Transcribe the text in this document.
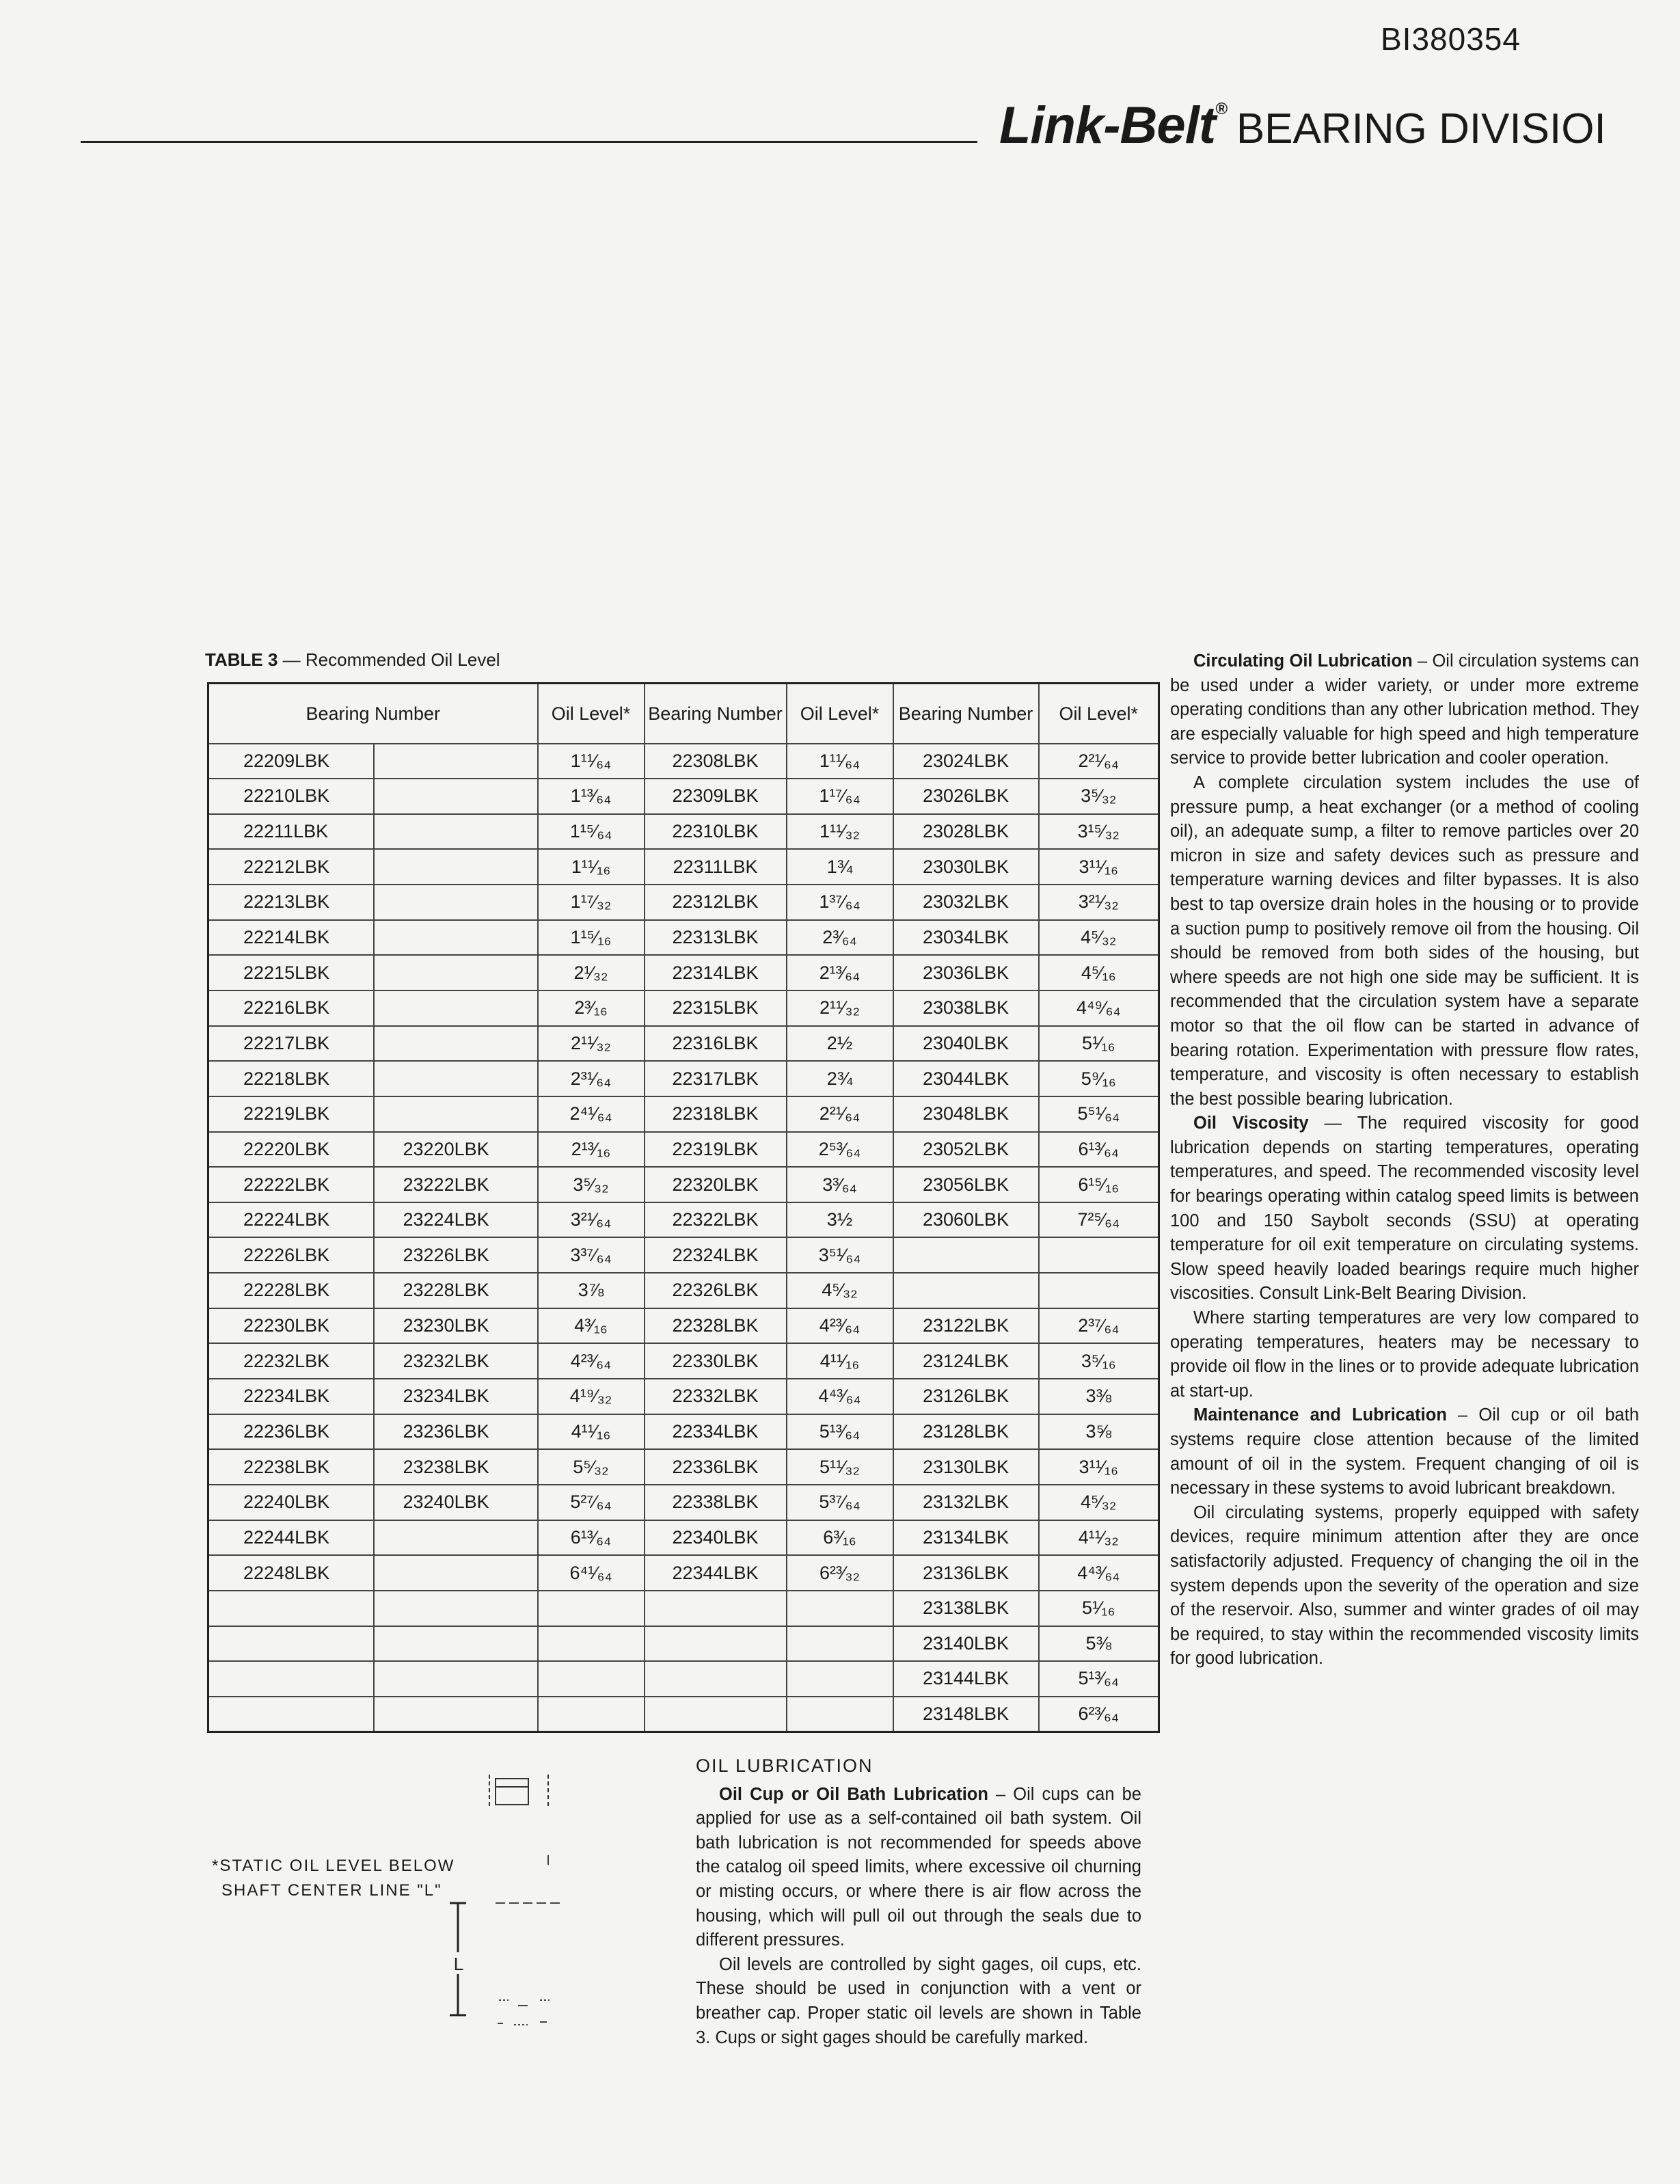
BI380354
Link-Belt® BEARING DIVISIOI
TABLE 3 — Recommended Oil Level
Bearing Number		Oil Level*	Bearing Number	Oil Level*	Bearing Number	Oil Level*
22209LBK		1¹¹⁄₆₄	22308LBK	1¹¹⁄₆₄	23024LBK	2²¹⁄₆₄
22210LBK		1¹³⁄₆₄	22309LBK	1¹⁷⁄₆₄	23026LBK	3⁵⁄₃₂
22211LBK		1¹⁵⁄₆₄	22310LBK	1¹¹⁄₃₂	23028LBK	3¹⁵⁄₃₂
22212LBK		1¹¹⁄₁₆	22311LBK	1¾	23030LBK	3¹¹⁄₁₆
22213LBK		1¹⁷⁄₃₂	22312LBK	1³⁷⁄₆₄	23032LBK	3²¹⁄₃₂
22214LBK		1¹⁵⁄₁₆	22313LBK	2³⁄₆₄	23034LBK	4⁵⁄₃₂
22215LBK		2¹⁄₃₂	22314LBK	2¹³⁄₆₄	23036LBK	4⁵⁄₁₆
22216LBK		2³⁄₁₆	22315LBK	2¹¹⁄₃₂	23038LBK	4⁴⁹⁄₆₄
22217LBK		2¹¹⁄₃₂	22316LBK	2½	23040LBK	5¹⁄₁₆
22218LBK		2³¹⁄₆₄	22317LBK	2¾	23044LBK	5⁹⁄₁₆
22219LBK		2⁴¹⁄₆₄	22318LBK	2²¹⁄₆₄	23048LBK	5⁵¹⁄₆₄
22220LBK	23220LBK	2¹³⁄₁₆	22319LBK	2⁵³⁄₆₄	23052LBK	6¹³⁄₆₄
22222LBK	23222LBK	3⁵⁄₃₂	22320LBK	3³⁄₆₄	23056LBK	6¹⁵⁄₁₆
22224LBK	23224LBK	3²¹⁄₆₄	22322LBK	3½	23060LBK	7²⁵⁄₆₄
22226LBK	23226LBK	3³⁷⁄₆₄	22324LBK	3⁵¹⁄₆₄		
22228LBK	23228LBK	3⅞	22326LBK	4⁵⁄₃₂		
22230LBK	23230LBK	4³⁄₁₆	22328LBK	4²³⁄₆₄	23122LBK	2³⁷⁄₆₄
22232LBK	23232LBK	4²³⁄₆₄	22330LBK	4¹¹⁄₁₆	23124LBK	3⁵⁄₁₆
22234LBK	23234LBK	4¹⁹⁄₃₂	22332LBK	4⁴³⁄₆₄	23126LBK	3⅜
22236LBK	23236LBK	4¹¹⁄₁₆	22334LBK	5¹³⁄₆₄	23128LBK	3⅝
22238LBK	23238LBK	5⁵⁄₃₂	22336LBK	5¹¹⁄₃₂	23130LBK	3¹¹⁄₁₆
22240LBK	23240LBK	5²⁷⁄₆₄	22338LBK	5³⁷⁄₆₄	23132LBK	4⁵⁄₃₂
22244LBK		6¹³⁄₆₄	22340LBK	6³⁄₁₆	23134LBK	4¹¹⁄₃₂
22248LBK		6⁴¹⁄₆₄	22344LBK	6²³⁄₃₂	23136LBK	4⁴³⁄₆₄
					23138LBK	5¹⁄₁₆
					23140LBK	5⅜
					23144LBK	5¹³⁄₆₄
					23148LBK	6²³⁄₆₄

Circulating Oil Lubrication – Oil circulation systems can be used under a wider variety, or under more extreme operating conditions than any other lubrication method. They are especially valuable for high speed and high temperature service to provide better lubrication and cooler operation.

A complete circulation system includes the use of pressure pump, a heat exchanger (or a method of cooling oil), an adequate sump, a filter to remove particles over 20 micron in size and safety devices such as pressure and temperature warning devices and filter bypasses. It is also best to tap oversize drain holes in the housing or to provide a suction pump to positively remove oil from the housing. Oil should be removed from both sides of the housing, but where speeds are not high one side may be sufficient. It is recommended that the circulation system have a separate motor so that the oil flow can be started in advance of bearing rotation. Experimentation with pressure flow rates, temperature, and viscosity is often necessary to establish the best possible bearing lubrication.

Oil Viscosity — The required viscosity for good lubrication depends on starting temperatures, operating temperatures, and speed. The recommended viscosity level for bearings operating within catalog speed limits is between 100 and 150 Saybolt seconds (SSU) at operating temperature for oil exit temperature on circulating systems. Slow speed heavily loaded bearings require much higher viscosities. Consult Link-Belt Bearing Division.

Where starting temperatures are very low compared to operating temperatures, heaters may be necessary to provide oil flow in the lines or to provide adequate lubrication at start-up.

Maintenance and Lubrication – Oil cup or oil bath systems require close attention because of the limited amount of oil in the system. Frequent changing of oil is necessary in these systems to avoid lubricant breakdown.

Oil circulating systems, properly equipped with safety devices, require minimum attention after they are once satisfactorily adjusted. Frequency of changing the oil in the system depends upon the severity of the operation and size of the reservoir. Also, summer and winter grades of oil may be required, to stay within the recommended viscosity limits for good lubrication.

OIL LUBRICATION

Oil Cup or Oil Bath Lubrication – Oil cups can be applied for use as a self-contained oil bath system. Oil bath lubrication is not recommended for speeds above the catalog oil speed limits, where excessive oil churning or misting occurs, or where there is air flow across the housing, which will pull oil out through the seals due to different pressures.

Oil levels are controlled by sight gages, oil cups, etc. These should be used in conjunction with a vent or breather cap. Proper static oil levels are shown in Table 3. Cups or sight gages should be carefully marked.

*STATIC OIL LEVEL BELOW
SHAFT CENTER LINE "L"
L
